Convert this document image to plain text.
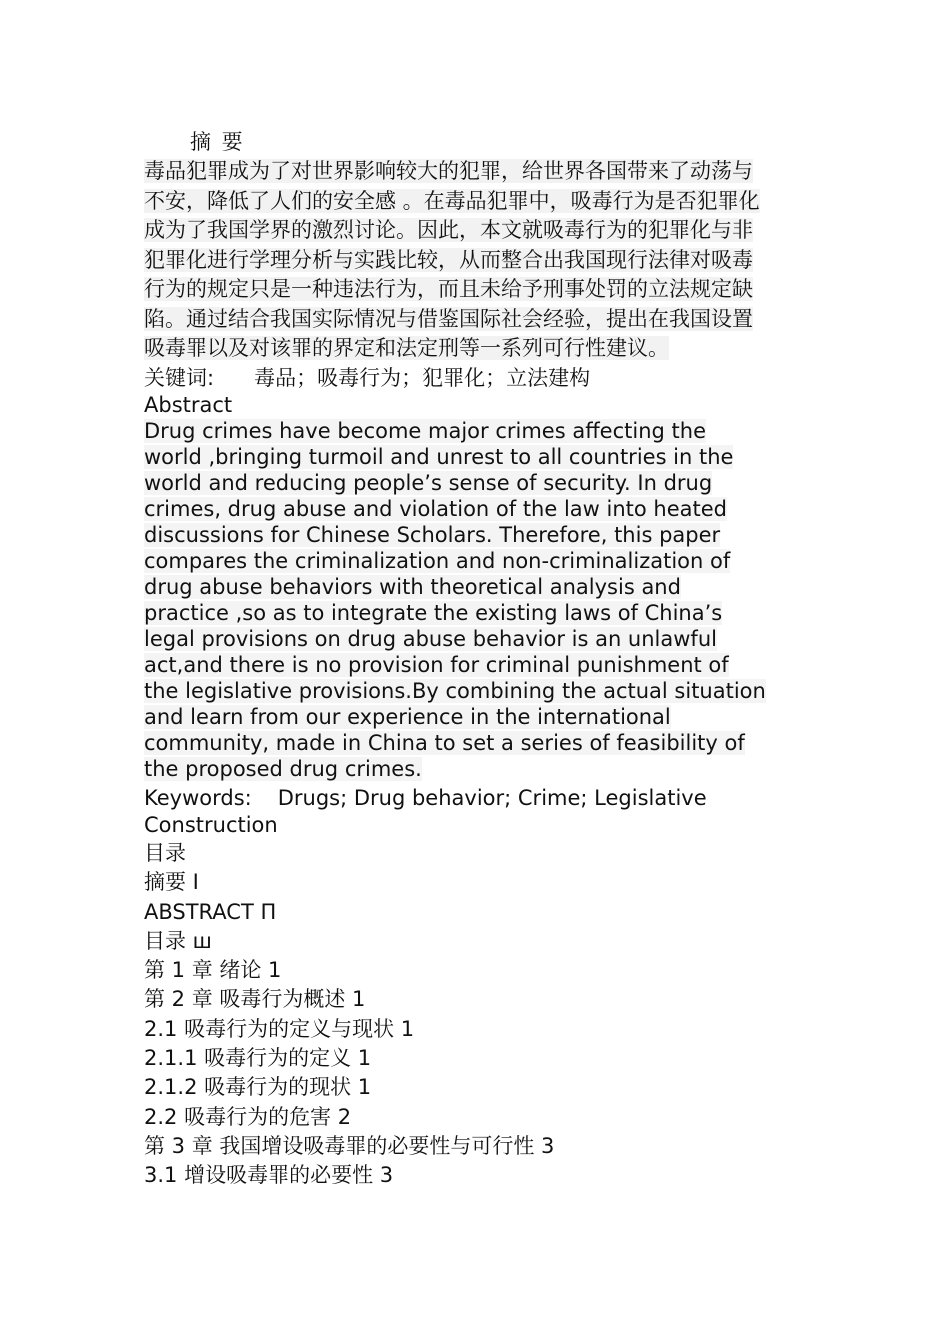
摘 要

毒品犯罪成为了对世界影响较大的犯罪，给世界各国带来了动荡与
不安，降低了人们的安全感 。在毒品犯罪中，吸毒行为是否犯罪化
成为了我国学界的激烈讨论。因此，本文就吸毒行为的犯罪化与非
犯罪化进行学理分析与实践比较，从而整合出我国现行法律对吸毒
行为的规定只是一种违法行为，而且未给予刑事处罚的立法规定缺
陷。通过结合我国实际情况与借鉴国际社会经验，提出在我国设置
吸毒罪以及对该罪的界定和法定刑等一系列可行性建议。

关键词: 毒品；吸毒行为；犯罪化；立法建构
Abstract

Drug crimes have become major crimes affecting the
world ,bringing turmoil and unrest to all countries in the
world and reducing people’s sense of security. In drug
crimes, drug abuse and violation of the law into heated
discussions for Chinese Scholars. Therefore, this paper
compares the criminalization and non-criminalization of
drug abuse behaviors with theoretical analysis and
practice ,so as to integrate the existing laws of China’s
legal provisions on drug abuse behavior is an unlawful
act,and there is no provision for criminal punishment of
the legislative provisions.By combining the actual situation
and learn from our experience in the international
community, made in China to set a series of feasibility of
the proposed drug crimes.

Keywords: Drugs; Drug behavior; Crime; Legislative
Construction
目录
摘要 I
ABSTRACT П
目录 ш
第 1 章 绪论 1
第 2 章 吸毒行为概述 1
2.1 吸毒行为的定义与现状 1
2.1.1 吸毒行为的定义 1
2.1.2 吸毒行为的现状 1
2.2 吸毒行为的危害 2
第 3 章 我国增设吸毒罪的必要性与可行性 3
3.1 增设吸毒罪的必要性 3
